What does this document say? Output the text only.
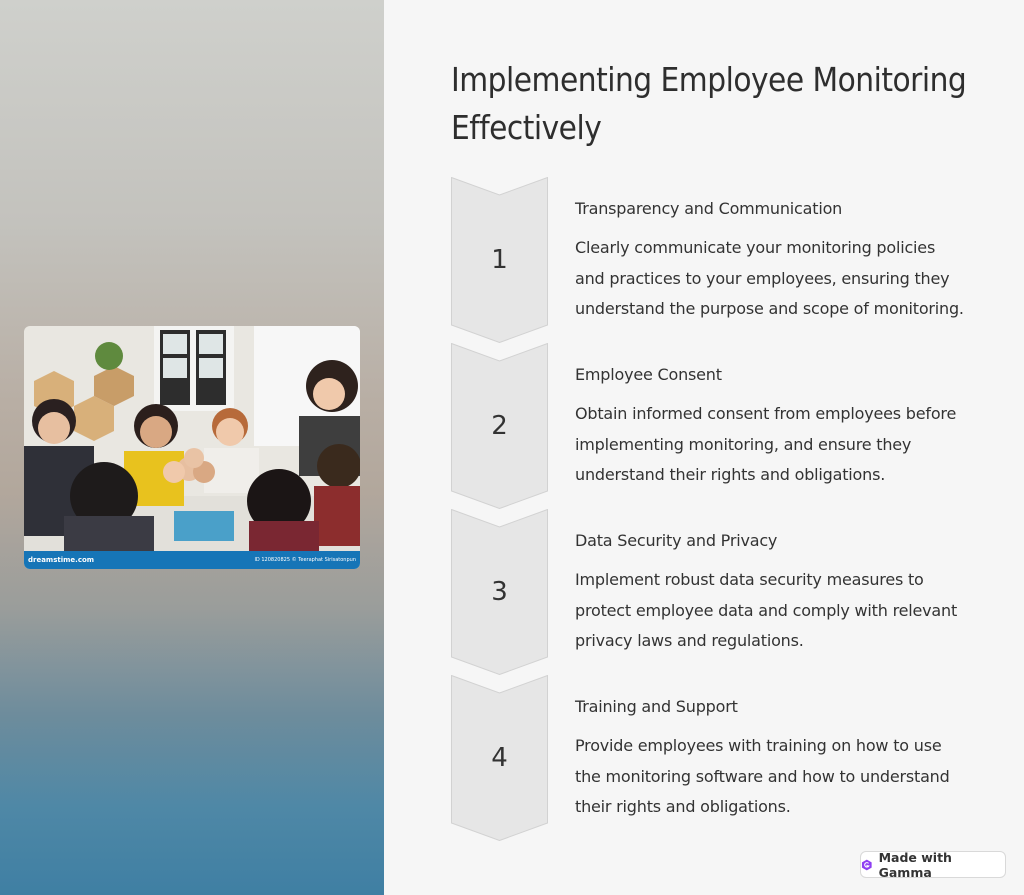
dreamstime.com	ID 120820825 © Teeraphat Sirisatonpun
Implementing Employee Monitoring Effectively
1
Transparency and Communication
Clearly communicate your monitoring policies and practices to your employees, ensuring they understand the purpose and scope of monitoring.
2
Employee Consent
Obtain informed consent from employees before implementing monitoring, and ensure they understand their rights and obligations.
3
Data Security and Privacy
Implement robust data security measures to protect employee data and comply with relevant privacy laws and regulations.
4
Training and Support
Provide employees with training on how to use the monitoring software and how to understand their rights and obligations.
Made with Gamma
